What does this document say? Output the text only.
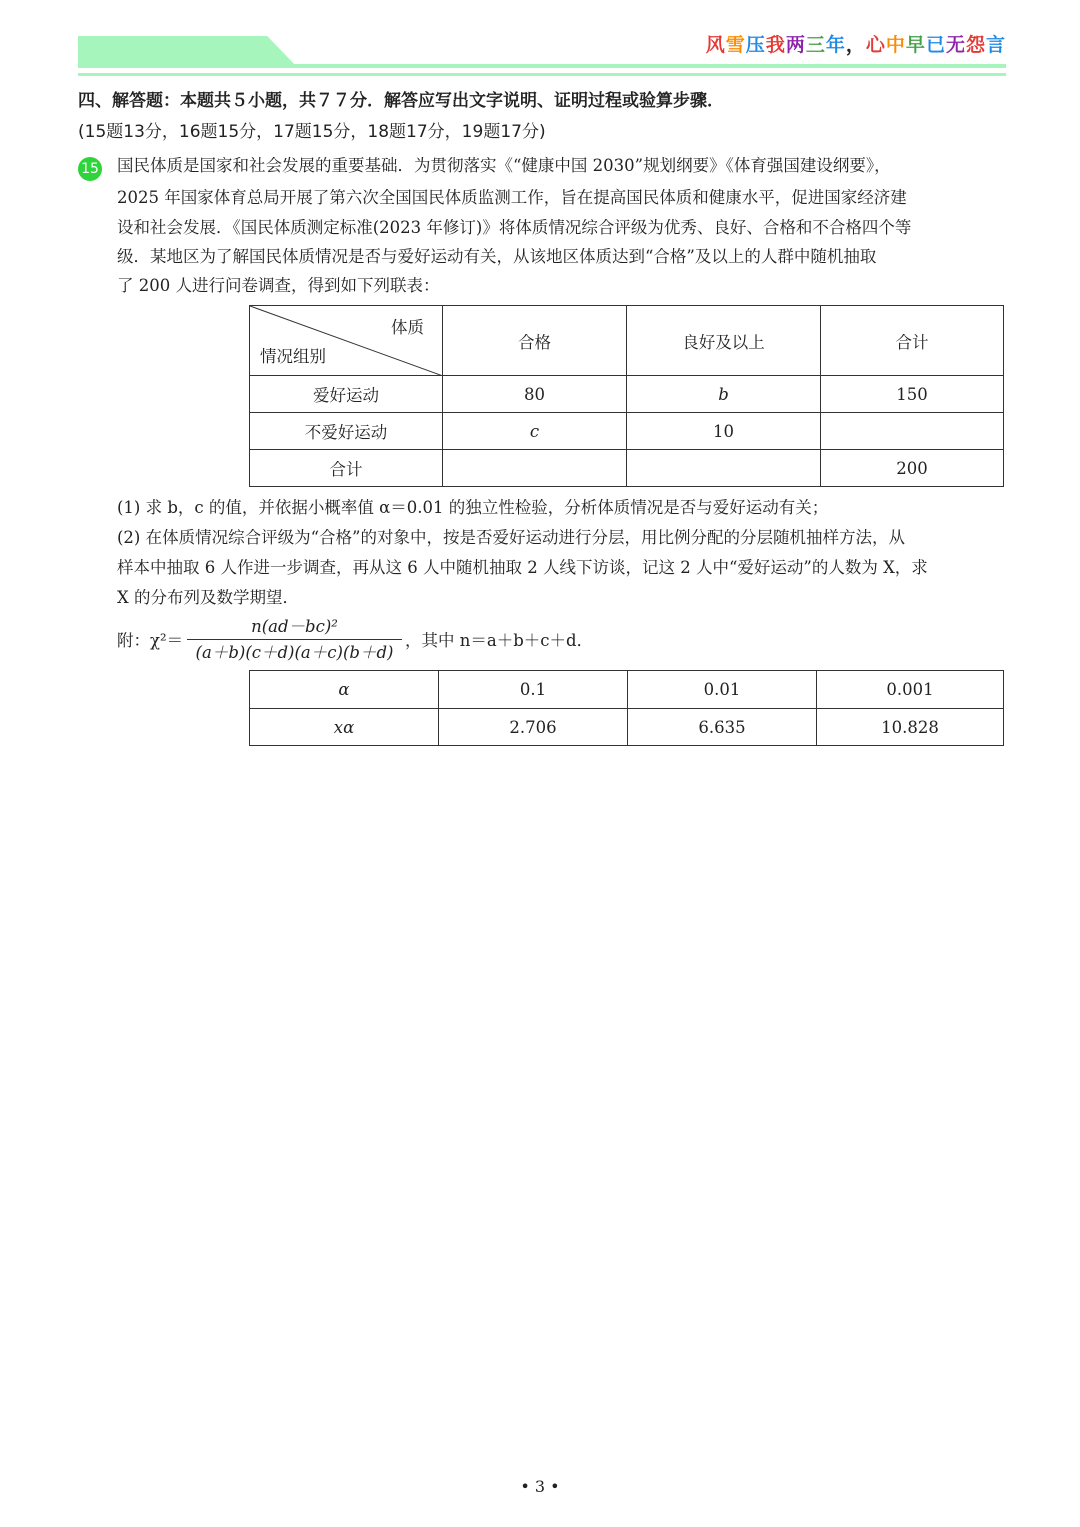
风雪压我两三年，心中早已无怨言
四、解答题：本题共５小题，共７７分．解答应写出文字说明、证明过程或验算步骤．
(15题13分，16题15分，17题15分，18题17分，19题17分)
15 国民体质是国家和社会发展的重要基础．为贯彻落实《“健康中国 2030”规划纲要》《体育强国建设纲要》，
2025 年国家体育总局开展了第六次全国国民体质监测工作，旨在提高国民体质和健康水平，促进国家经济建
设和社会发展．《国民体质测定标准(2023 年修订)》将体质情况综合评级为优秀、良好、合格和不合格四个等
级．某地区为了解国民体质情况是否与爱好运动有关，从该地区体质达到“合格”及以上的人群中随机抽取
了 200 人进行问卷调查，得到如下列联表：
体质
情况组别	合格	良好及以上	合计
爱好运动	80	b	150
不爱好运动	c	10	
合计			200
(1) 求 b，c 的值，并依据小概率值 α＝0.01 的独立性检验，分析体质情况是否与爱好运动有关；
(2) 在体质情况综合评级为“合格”的对象中，按是否爱好运动进行分层，用比例分配的分层随机抽样方法，从
样本中抽取 6 人作进一步调查，再从这 6 人中随机抽取 2 人线下访谈，记这 2 人中“爱好运动”的人数为 X，求
X 的分布列及数学期望．
附：χ²＝
n(ad－bc)²
(a＋b)(c＋d)(a＋c)(b＋d)
，其中 n＝a＋b＋c＋d．
α	0.1	0.01	0.001
xα	2.706	6.635	10.828
• 3 •
